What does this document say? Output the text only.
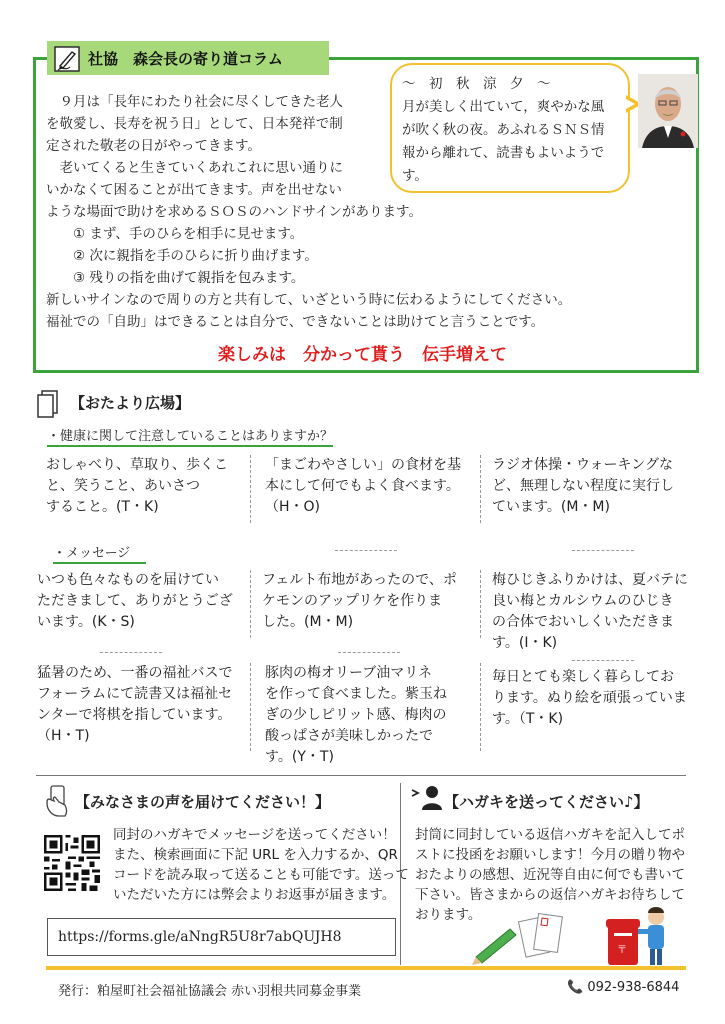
社協　森会長の寄り道コラム
　９月は「長年にわたり社会に尽くしてきた老人
を敬愛し、長寿を祝う日」として、日本発祥で制
定された敬老の日がやってきます。
　老いてくると生きていくあれこれに思い通りに
いかなくて困ることが出てきます。声を出せない
ような場面で助けを求めるＳＯＳのハンドサインがあります。
　　① まず、手のひらを相手に見せます。
　　② 次に親指を手のひらに折り曲げます。
　　③ 残りの指を曲げて親指を包みます。
新しいサインなので周りの方と共有して、いざという時に伝わるようにしてください。
福祉での「自助」はできることは自分で、できないことは助けてと言うことです。
～　初　秋　涼　夕　～
月が美しく出ていて，爽やかな風
が吹く秋の夜。あふれるＳＮＳ情
報から離れて、読書もよいようで
す。
楽しみは　分かって貰う　伝手増えて
【おたより広場】
・健康に関して注意していることはありますか？
おしゃべり、草取り、歩くこ
と、笑うこと、あいさつ
すること。(T・K)
「まごわやさしい」の食材を基
本にして何でもよく食べます。
（H・O)
ラジオ体操・ウォーキングな
ど、無理しない程度に実行し
ています。(M・M)
・メッセージ
いつも色々なものを届けてい
ただきまして、ありがとうござ
います。(K・S)
フェルト布地があったので、ポ
ケモンのアップリケを作りま
した。(M・M)
梅ひじきふりかけは、夏バテに
良い梅とカルシウムのひじき
の合体でおいしくいただきま
す。(I・K)
猛暑のため、一番の福祉バスで
フォーラムにて読書又は福祉セ
ンターで将棋を指しています。
（H・T)
豚肉の梅オリーブ油マリネ
を作って食べました。紫玉ね
ぎの少しピリット感、梅肉の
酸っぱさが美味しかったで
す。(Y・T)
毎日とても楽しく暮らしてお
ります。ぬり絵を頑張っていま
す。（T・K)
【みなさまの声を届けてください！】
同封のハガキでメッセージを送ってください！
また、検索画面に下記 URL を入力するか、QR
コードを読み取って送ることも可能です。送って
いただいた方には弊会よりお返事が届きます。
https://forms.gle/aNngR5U8r7abQUJH8
【ハガキを送ってください♪】
封筒に同封している返信ハガキを記入してポ
ストに投函をお願いします！今月の贈り物や
おたよりの感想、近況等自由に何でも書いて
下さい。皆さまからの返信ハガキお待ちして
おります。
〒
発行：粕屋町社会福祉協議会 赤い羽根共同募金事業	📞 092-938-6844
